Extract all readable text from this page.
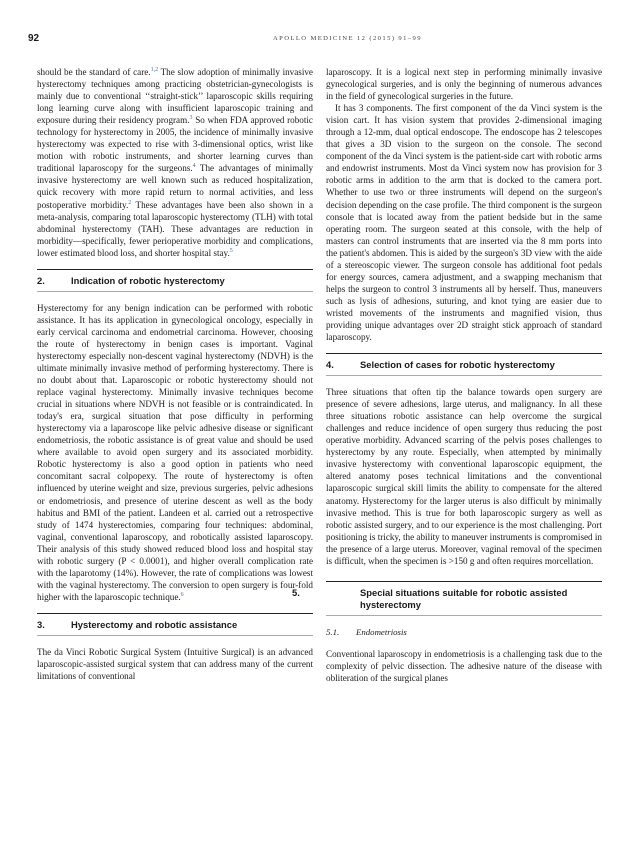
92	APOLLO MEDICINE 12 (2015) 91–99

should be the standard of care.$^{1,2}$ The slow adoption of minimally invasive hysterectomy techniques among practicing obstetrician-gynecologists is mainly due to conventional ‘‘straight-stick’’ laparoscopic skills requiring long learning curve along with insufficient laparoscopic training and exposure during their residency program.$^3$ So when FDA approved robotic technology for hysterectomy in 2005, the incidence of minimally invasive hysterectomy was expected to rise with 3-dimensional optics, wrist like motion with robotic instruments, and shorter learning curves than traditional laparoscopy for the surgeons.$^4$ The advantages of minimally invasive hysterectomy are well known such as reduced hospitalization, quick recovery with more rapid return to normal activities, and less postoperative morbidity.$^2$ These advantages have been also shown in a meta-analysis, comparing total laparoscopic hysterectomy (TLH) with total abdominal hysterectomy (TAH). These advantages are reduction in morbidity—specifically, fewer perioperative morbidity and complications, lower estimated blood loss, and shorter hospital stay.$^5$

2.	Indication of robotic hysterectomy

Hysterectomy for any benign indication can be performed with robotic assistance. It has its application in gynecological oncology, especially in early cervical carcinoma and endometrial carcinoma. However, choosing the route of hysterectomy in benign cases is important. Vaginal hysterectomy especially non-descent vaginal hysterectomy (NDVH) is the ultimate minimally invasive method of performing hysterectomy. There is no doubt about that. Laparoscopic or robotic hysterectomy should not replace vaginal hysterectomy. Minimally invasive techniques become crucial in situations where NDVH is not feasible or is contraindicated. In today's era, surgical situation that pose difficulty in performing hysterectomy via a laparoscope like pelvic adhesive disease or significant endometriosis, the robotic assistance is of great value and should be used where available to avoid open surgery and its associated morbidity. Robotic hysterectomy is also a good option in patients who need concomitant sacral colpopexy. The route of hysterectomy is often influenced by uterine weight and size, previous surgeries, pelvic adhesions or endometriosis, and presence of uterine descent as well as the body habitus and BMI of the patient. Landeen et al. carried out a retrospective study of 1474 hysterectomies, comparing four techniques: abdominal, vaginal, conventional laparoscopy, and robotically assisted laparoscopy. Their analysis of this study showed reduced blood loss and hospital stay with robotic surgery (P < 0.0001), and higher overall complication rate with the laparotomy (14%). However, the rate of complications was lowest with the vaginal hysterectomy. The conversion to open surgery is four-fold higher with the laparoscopic technique.$^6$

3.	Hysterectomy and robotic assistance

The da Vinci Robotic Surgical System (Intuitive Surgical) is an advanced laparoscopic-assisted surgical system that can address many of the current limitations of conventional

laparoscopy. It is a logical next step in performing minimally invasive gynecological surgeries, and is only the beginning of numerous advances in the field of gynecological surgeries in the future.

It has 3 components. The first component of the da Vinci system is the vision cart. It has vision system that provides 2-dimensional imaging through a 12-mm, dual optical endoscope. The endoscope has 2 telescopes that gives a 3D vision to the surgeon on the console. The second component of the da Vinci system is the patient-side cart with robotic arms and endowrist instruments. Most da Vinci system now has provision for 3 robotic arms in addition to the arm that is docked to the camera port. Whether to use two or three instruments will depend on the surgeon's decision depending on the case profile. The third component is the surgeon console that is located away from the patient bedside but in the same operating room. The surgeon seated at this console, with the help of masters can control instruments that are inserted via the 8 mm ports into the patient's abdomen. This is aided by the surgeon's 3D view with the aide of a stereoscopic viewer. The surgeon console has additional foot pedals for energy sources, camera adjustment, and a swapping mechanism that helps the surgeon to control 3 instruments all by herself. Thus, maneuvers such as lysis of adhesions, suturing, and knot tying are easier due to wristed movements of the instruments and magnified vision, thus providing unique advantages over 2D straight stick approach of standard laparoscopy.

4.	Selection of cases for robotic hysterectomy

Three situations that often tip the balance towards open surgery are presence of severe adhesions, large uterus, and malignancy. In all these three situations robotic assistance can help overcome the surgical challenges and reduce incidence of open surgery thus reducing the post operative morbidity. Advanced scarring of the pelvis poses challenges to hysterectomy by any route. Especially, when attempted by minimally invasive hysterectomy with conventional laparoscopic equipment, the altered anatomy poses technical limitations and the conventional laparoscopic surgical skill limits the ability to compensate for the altered anatomy. Hysterectomy for the larger uterus is also difficult by minimally invasive method. This is true for both laparoscopic surgery as well as robotic assisted surgery, and to our experience is the most challenging. Port positioning is tricky, the ability to maneuver instruments is compromised in the presence of a large uterus. Moreover, vaginal removal of the specimen is difficult, when the specimen is >150 g and often requires morcellation.

5.	Special situations suitable for robotic assisted hysterectomy
5.1. Endometriosis

Conventional laparoscopy in endometriosis is a challenging task due to the complexity of pelvic dissection. The adhesive nature of the disease with obliteration of the surgical planes
